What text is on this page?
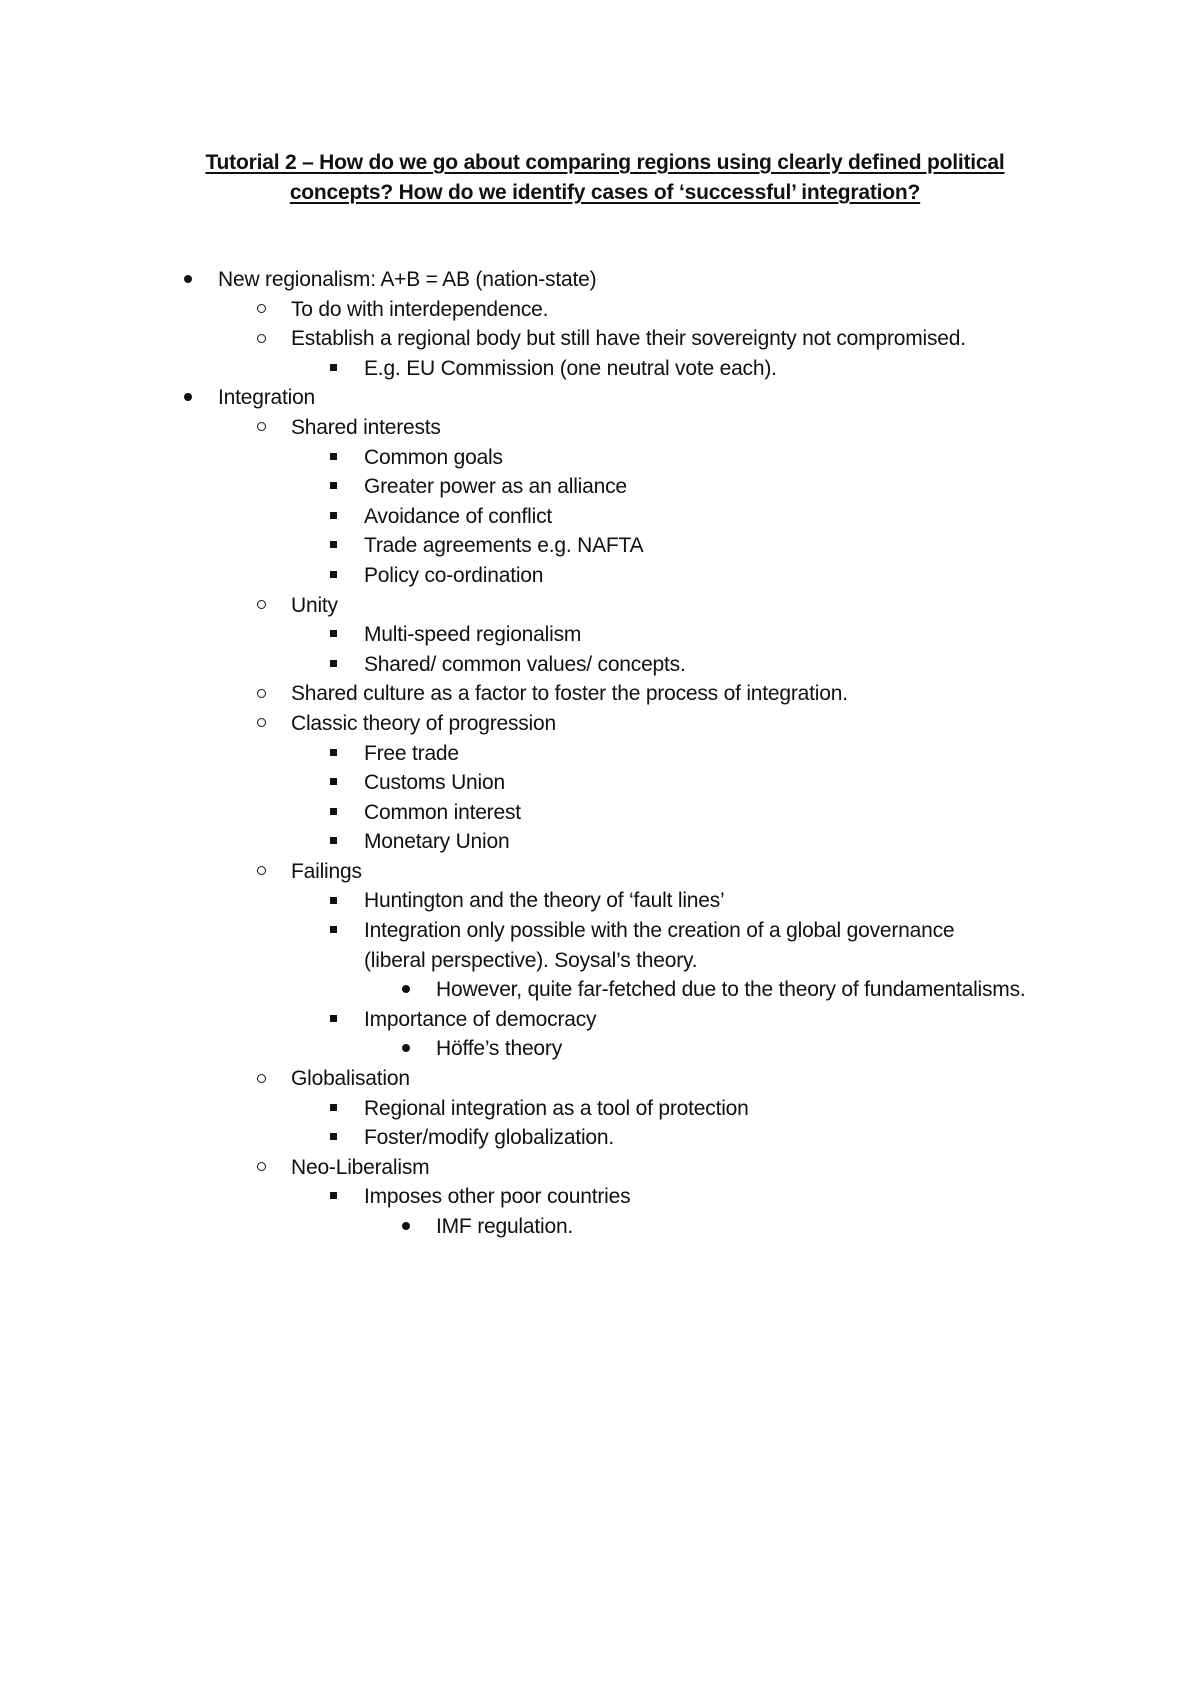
Tutorial 2 – How do we go about comparing regions using clearly defined political
concepts? How do we identify cases of ‘successful’ integration?
New regionalism: A+B = AB (nation-state)
To do with interdependence.
Establish a regional body but still have their sovereignty not compromised.
E.g. EU Commission (one neutral vote each).
Integration
Shared interests
Common goals
Greater power as an alliance
Avoidance of conflict
Trade agreements e.g. NAFTA
Policy co-ordination
Unity
Multi-speed regionalism
Shared/ common values/ concepts.
Shared culture as a factor to foster the process of integration.
Classic theory of progression
Free trade
Customs Union
Common interest
Monetary Union
Failings
Huntington and the theory of ‘fault lines’
Integration only possible with the creation of a global governance (liberal perspective). Soysal’s theory.
However, quite far-fetched due to the theory of fundamentalisms.
Importance of democracy
Höffe’s theory
Globalisation
Regional integration as a tool of protection
Foster/modify globalization.
Neo-Liberalism
Imposes other poor countries
IMF regulation.
